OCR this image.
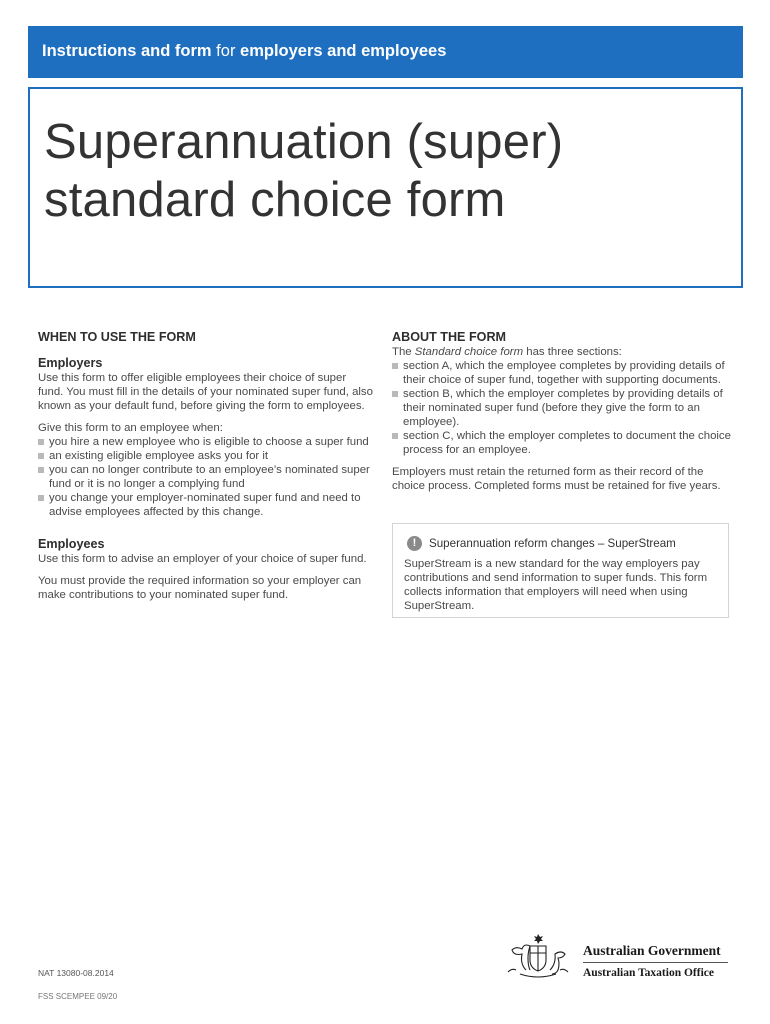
Instructions and form for employers and employees
Superannuation (super)
standard choice form
WHEN TO USE THE FORM
Employers

Use this form to offer eligible employees their choice of super fund. You must fill in the details of your nominated super fund, also known as your default fund, before giving the form to employees.

Give this form to an employee when:

you hire a new employee who is eligible to choose a super fund
an existing eligible employee asks you for it
you can no longer contribute to an employee’s nominated super fund or it is no longer a complying fund
you change your employer-nominated super fund and need to advise employees affected by this change.
Employees

Use this form to advise an employer of your choice of super fund.

You must provide the required information so your employer can make contributions to your nominated super fund.

ABOUT THE FORM

The Standard choice form has three sections:

section A, which the employee completes by providing details of their choice of super fund, together with supporting documents.
section B, which the employer completes by providing details of their nominated super fund (before they give the form to an employee).
section C, which the employer completes to document the choice process for an employee.

Employers must retain the returned form as their record of the choice process. Completed forms must be retained for five years.

!	Superannuation reform changes – SuperStream

SuperStream is a new standard for the way employers pay contributions and send information to super funds. This form collects information that employers will need when using SuperStream.

NAT 13080-08.2014
FSS SCEMPEE 09/20
Australian Government
Australian Taxation Office
